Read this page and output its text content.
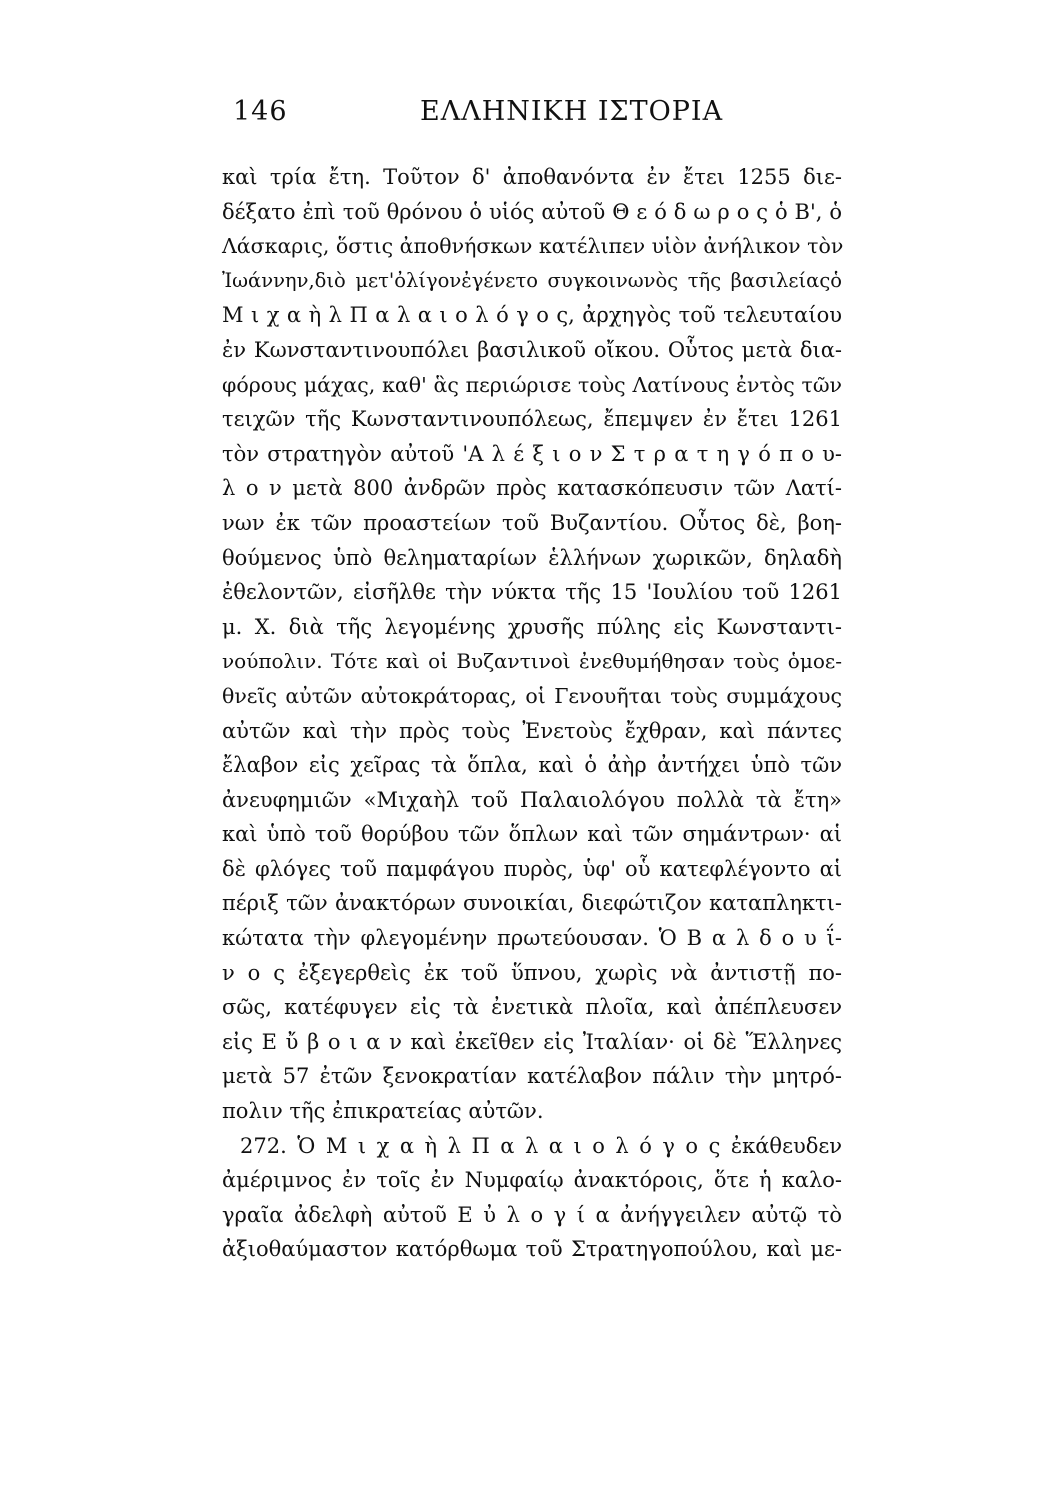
146	ΕΛΛΗΝΙΚΗ ΙΣΤΟΡΙΑ
καὶ τρία ἔτη. Τοῦτον δ' ἀποθανόντα ἐν ἔτει 1255 διε-
δέξατο ἐπὶ τοῦ θρόνου ὁ υἱός αὐτοῦ Θ ε ό δ ω ρ ο ς ὁ Β', ὁ
Λάσκαρις, ὅστις ἀποθνήσκων κατέλιπεν υἱὸν ἀνήλικον τὸν
Ἰωάννην,διὸ μετ'ὀλίγονἐγένετο συγκοινωνὸς τῆς βασιλείαςὁ
Μ ι χ α ὴ λ Π α λ α ι ο λ ό γ ο ς, ἀρχηγὸς τοῦ τελευταίου
ἐν Κωνσταντινουπόλει βασιλικοῦ οἴκου. Οὗτος μετὰ δια-
φόρους μάχας, καθ' ἃς περιώρισε τοὺς Λατίνους ἐντὸς τῶν
τειχῶν τῆς Κωνσταντινουπόλεως, ἔπεμψεν ἐν ἔτει 1261
τὸν στρατηγὸν αὐτοῦ 'Α λ έ ξ ι ο ν Σ τ ρ α τ η γ ό π ο υ-
λ ο ν μετὰ 800 ἀνδρῶν πρὸς κατασκόπευσιν τῶν Λατί-
νων ἐκ τῶν προαστείων τοῦ Βυζαντίου. Οὗτος δὲ, βοη-
θούμενος ὑπὸ θεληματαρίων ἑλλήνων χωρικῶν, δηλαδὴ
ἐθελοντῶν, εἰσῆλθε τὴν νύκτα τῆς 15 'Ιουλίου τοῦ 1261
μ. Χ. διὰ τῆς λεγομένης χρυσῆς πύλης εἰς Κωνσταντι-
νούπολιν. Τότε καὶ οἱ Βυζαντινοὶ ἐνεθυμήθησαν τοὺς ὁμοε-
θνεῖς αὐτῶν αὐτοκράτορας, οἱ Γενουῆται τοὺς συμμάχους
αὐτῶν καὶ τὴν πρὸς τοὺς Ἐνετοὺς ἔχθραν, καὶ πάντες
ἔλαβον εἰς χεῖρας τὰ ὅπλα, καὶ ὁ ἀὴρ ἀντήχει ὑπὸ τῶν
ἀνευφημιῶν «Μιχαὴλ τοῦ Παλαιολόγου πολλὰ τὰ ἔτη»
καὶ ὑπὸ τοῦ θορύβου τῶν ὅπλων καὶ τῶν σημάντρων· αἱ
δὲ φλόγες τοῦ παμφάγου πυρὸς, ὑφ' οὗ κατεφλέγοντο αἱ
πέριξ τῶν ἀνακτόρων συνοικίαι, διεφώτιζον καταπληκτι-
κώτατα τὴν φλεγομένην πρωτεύουσαν. Ὁ Β α λ δ ο υ ΐ-
ν ο ς ἐξεγερθεὶς ἐκ τοῦ ὕπνου, χωρὶς νὰ ἀντιστῇ πο-
σῶς, κατέφυγεν εἰς τὰ ἐνετικὰ πλοῖα, καὶ ἀπέπλευσεν
εἰς Ε ὔ β ο ι α ν καὶ ἐκεῖθεν εἰς Ἰταλίαν· οἱ δὲ Ἕλληνες
μετὰ 57 ἐτῶν ξενοκρατίαν κατέλαβον πάλιν τὴν μητρό-
πολιν τῆς ἐπικρατείας αὐτῶν.
272. Ὁ Μ ι χ α ὴ λ Π α λ α ι ο λ ό γ ο ς ἐκάθευδεν
ἀμέριμνος ἐν τοῖς ἐν Νυμφαίῳ ἀνακτόροις, ὅτε ἡ καλο-
γραῖα ἀδελφὴ αὐτοῦ Ε ὐ λ ο γ ί α ἀνήγγειλεν αὐτῷ τὸ
ἀξιοθαύμαστον κατόρθωμα τοῦ Στρατηγοπούλου, καὶ με-
